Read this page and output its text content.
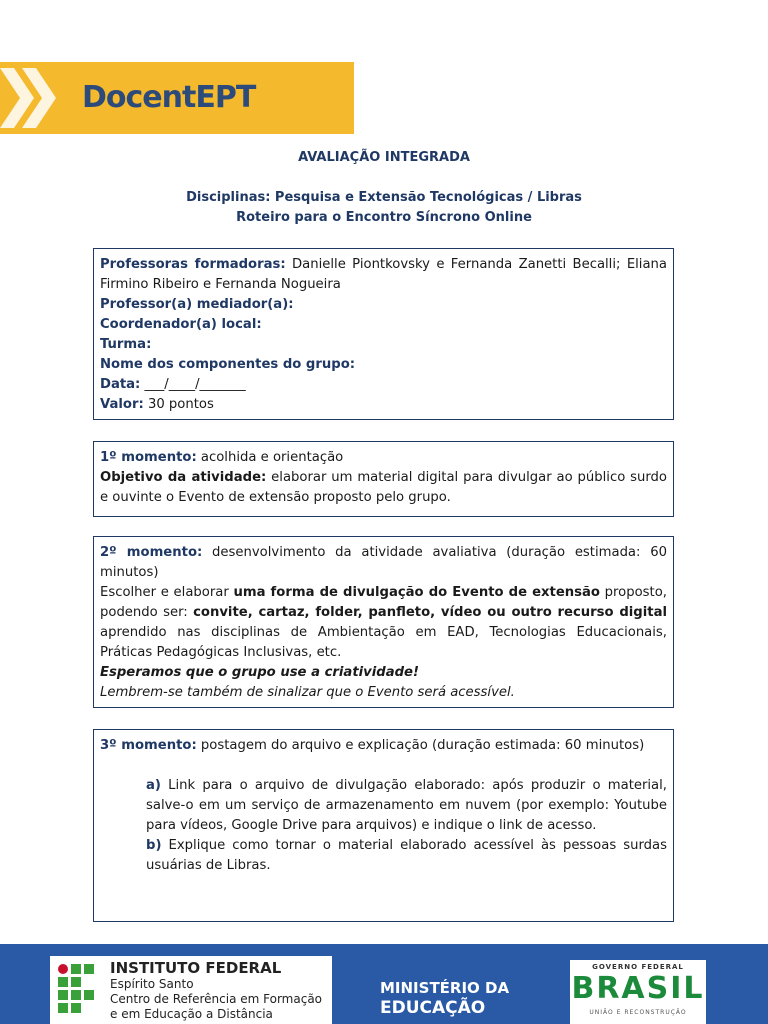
DocentEPT
AVALIAÇÃO INTEGRADA
Disciplinas: Pesquisa e Extensão Tecnológicas / Libras
Roteiro para o Encontro Síncrono Online

Professoras formadoras: Danielle Piontkovsky e Fernanda Zanetti Becalli; Eliana Firmino Ribeiro e Fernanda Nogueira

Professor(a) mediador(a):

Coordenador(a) local:

Turma:

Nome dos componentes do grupo:

Data: ___/____/_______

Valor: 30 pontos

1º momento: acolhida e orientação

Objetivo da atividade: elaborar um material digital para divulgar ao público surdo e ouvinte o Evento de extensão proposto pelo grupo.

2º momento: desenvolvimento da atividade avaliativa (duração estimada: 60 minutos)

Escolher e elaborar uma forma de divulgação do Evento de extensão proposto, podendo ser: convite, cartaz, folder, panfleto, vídeo ou outro recurso digital aprendido nas disciplinas de Ambientação em EAD, Tecnologias Educacionais, Práticas Pedagógicas Inclusivas, etc.

Esperamos que o grupo use a criatividade!

Lembrem-se também de sinalizar que o Evento será acessível.

3º momento: postagem do arquivo e explicação (duração estimada: 60 minutos)

a) Link para o arquivo de divulgação elaborado: após produzir o material, salve-o em um serviço de armazenamento em nuvem (por exemplo: Youtube para vídeos, Google Drive para arquivos) e indique o link de acesso.

b) Explique como tornar o material elaborado acessível às pessoas surdas usuárias de Libras.

INSTITUTO FEDERAL
Espírito Santo
Centro de Referência em Formação
e em Educação a Distância
MINISTÉRIO DA
EDUCAÇÃO
GOVERNO FEDERAL
BRASIL
UNIÃO E RECONSTRUÇÃO
